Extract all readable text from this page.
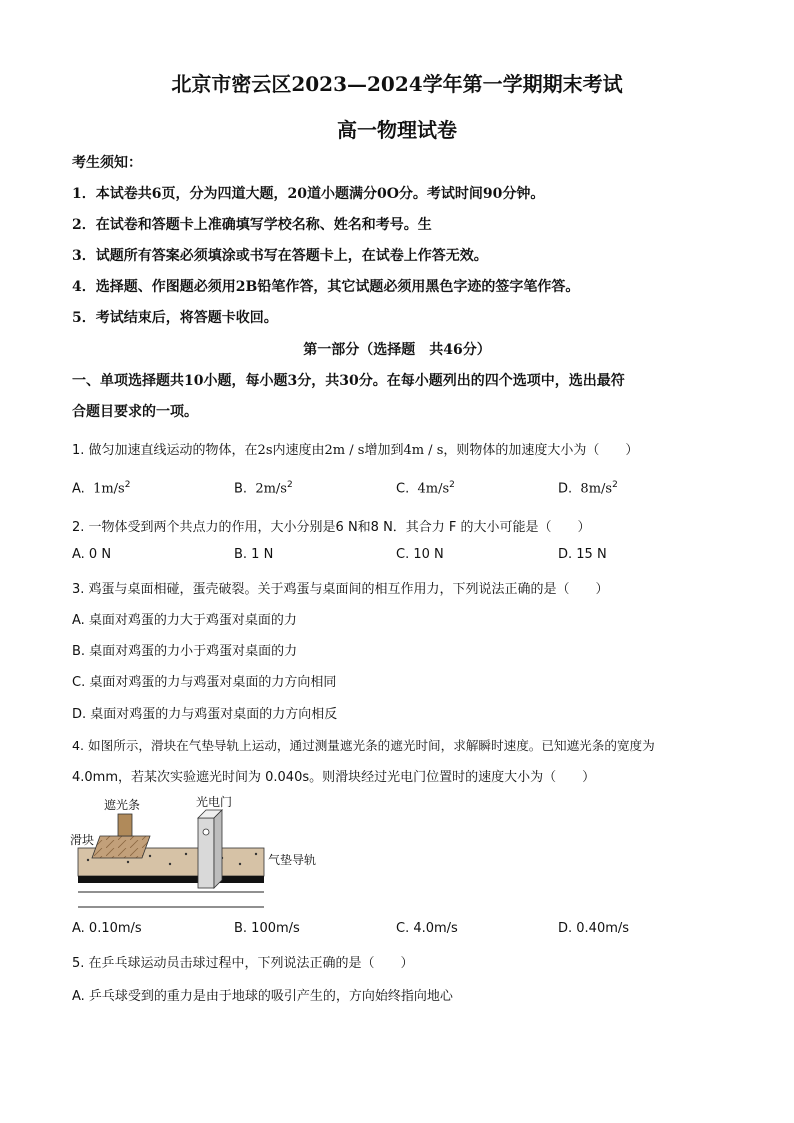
北京市密云区2023—2024学年第一学期期末考试
高一物理试卷
考生须知：
1．本试卷共6页，分为四道大题，20道小题满分0O分。考试时间90分钟。
2．在试卷和答题卡上准确填写学校名称、姓名和考号。生
3．试题所有答案必须填涂或书写在答题卡上，在试卷上作答无效。
4．选择题、作图题必须用2B铅笔作答，其它试题必须用黑色字迹的签字笔作答。
5．考试结束后，将答题卡收回。
第一部分（选择题　共46分）
一、单项选择题共10小题，每小题3分，共30分。在每小题列出的四个选项中，选出最符
合题目要求的一项。
1. 做匀加速直线运动的物体，在2s内速度由2m / s增加到4m / s，则物体的加速度大小为（　　）
A. $1m/s^2$	B. $2m/s^2$	C. $4m/s^2$	D. $8m/s^2$
2. 一物体受到两个共点力的作用，大小分别是6 N和8 N．其合力 F 的大小可能是（　　）
A. 0 N	B. 1 N	C. 10 N	D. 15 N
3. 鸡蛋与桌面相碰，蛋壳破裂。关于鸡蛋与桌面间的相互作用力，下列说法正确的是（　　）
A. 桌面对鸡蛋的力大于鸡蛋对桌面的力
B. 桌面对鸡蛋的力小于鸡蛋对桌面的力
C. 桌面对鸡蛋的力与鸡蛋对桌面的力方向相同
D. 桌面对鸡蛋的力与鸡蛋对桌面的力方向相反
4. 如图所示，滑块在气垫导轨上运动，通过测量遮光条的遮光时间，求解瞬时速度。已知遮光条的宽度为
4.0mm，若某次实验遮光时间为 0.040s。则滑块经过光电门位置时的速度大小为（　　）
遮光条	光电门
滑块
气垫导轨
A. 0.10m/s	B. 100m/s	C. 4.0m/s	D. 0.40m/s
5. 在乒乓球运动员击球过程中，下列说法正确的是（　　）
A. 乒乓球受到的重力是由于地球的吸引产生的，方向始终指向地心
